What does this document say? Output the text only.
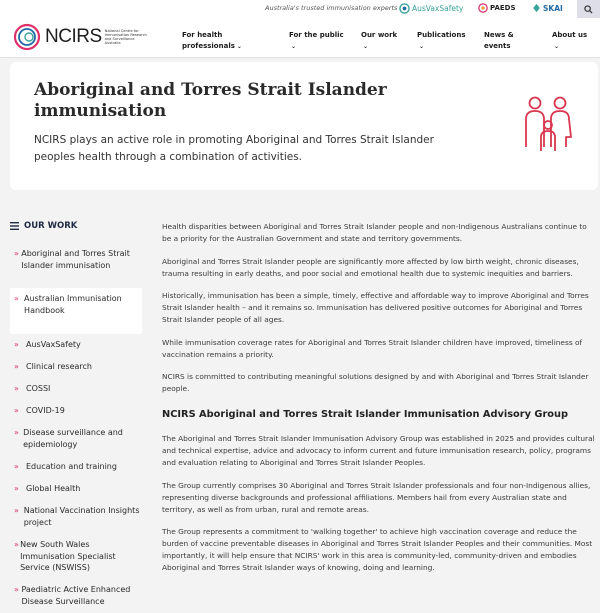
Australia's trusted immunisation experts AusVaxSafety	PAEDS	SKAI
NCIRS National Centre for Immunisation Research and Surveillance Australia
For health
professionals ⌄
For the public
⌄
Our work
⌄
Publications
⌄
News &
events
About us
⌄
Aboriginal and Torres Strait Islander immunisation

NCIRS plays an active role in promoting Aboriginal and Torres Strait Islander peoples health through a combination of activities.

OUR WORK
» Aboriginal and Torres Strait Islander immunisation
» Australian Immunisation Handbook
» AusVaxSafety
» Clinical research
» COSSI
» COVID-19
» Disease surveillance and epidemiology
» Education and training
» Global Health
» National Vaccination Insights project
» New South Wales Immunisation Specialist Service (NSWISS)
» Paediatric Active Enhanced Disease Surveillance

Health disparities between Aboriginal and Torres Strait Islander people and non-Indigenous Australians continue to be a priority for the Australian Government and state and territory governments.

Aboriginal and Torres Strait Islander people are significantly more affected by low birth weight, chronic diseases, trauma resulting in early deaths, and poor social and emotional health due to systemic inequities and barriers.

Historically, immunisation has been a simple, timely, effective and affordable way to improve Aboriginal and Torres Strait Islander health – and it remains so. Immunisation has delivered positive outcomes for Aboriginal and Torres Strait Islander people of all ages.

While immunisation coverage rates for Aboriginal and Torres Strait Islander children have improved, timeliness of vaccination remains a priority.

NCIRS is committed to contributing meaningful solutions designed by and with Aboriginal and Torres Strait Islander people.

NCIRS Aboriginal and Torres Strait Islander Immunisation Advisory Group

The Aboriginal and Torres Strait Islander Immunisation Advisory Group was established in 2025 and provides cultural and technical expertise, advice and advocacy to inform current and future immunisation research, policy, programs and evaluation relating to Aboriginal and Torres Strait Islander Peoples.

The Group currently comprises 30 Aboriginal and Torres Strait Islander professionals and four non-Indigenous allies, representing diverse backgrounds and professional affiliations. Members hail from every Australian state and territory, as well as from urban, rural and remote areas.

The Group represents a commitment to 'walking together' to achieve high vaccination coverage and reduce the burden of vaccine preventable diseases in Aboriginal and Torres Strait Islander Peoples and their communities. Most importantly, it will help ensure that NCIRS' work in this area is community-led, community-driven and embodies Aboriginal and Torres Strait Islander ways of knowing, doing and learning.
